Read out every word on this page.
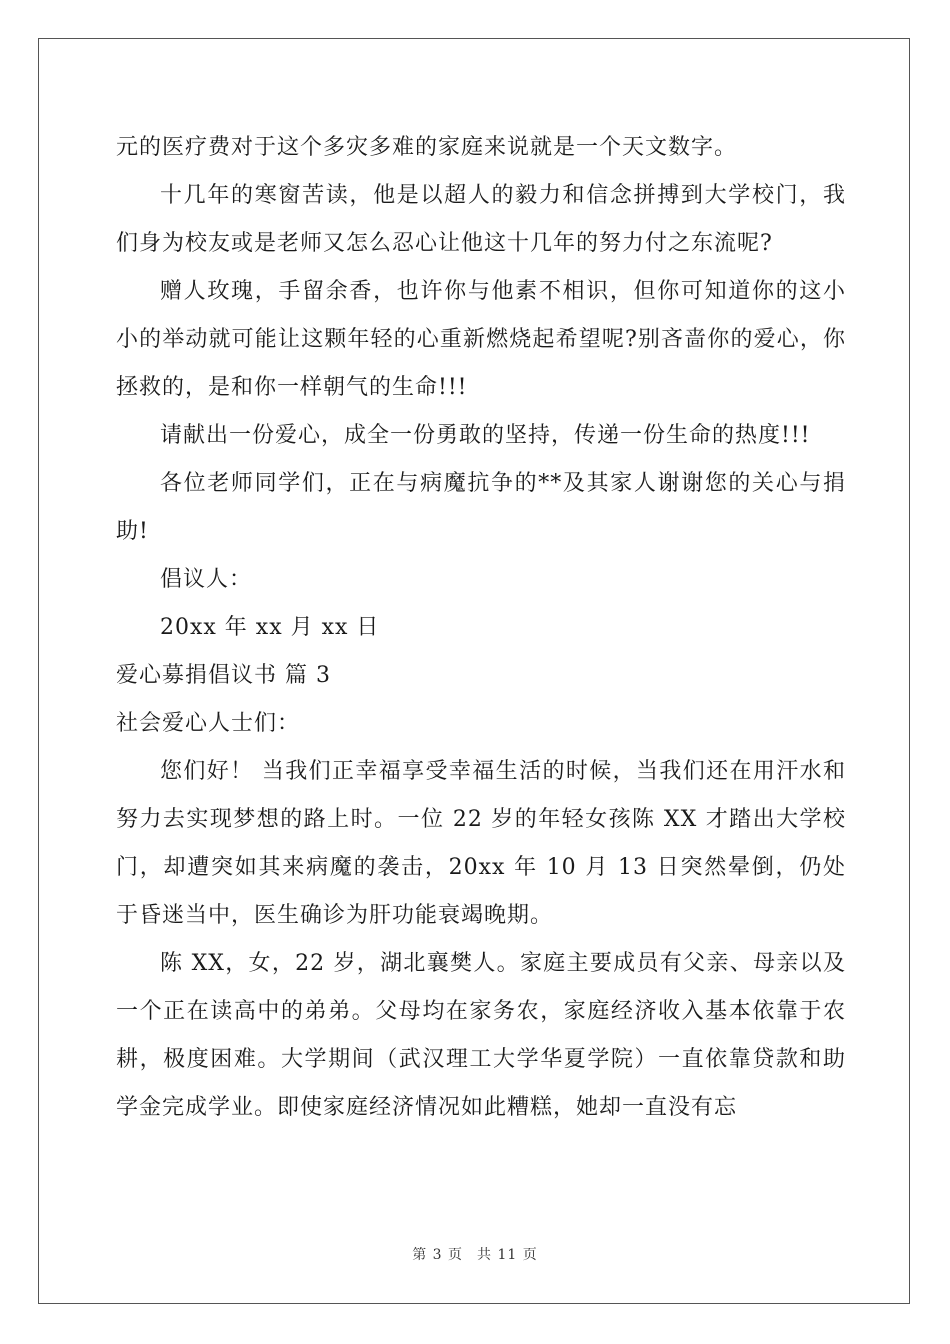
元的医疗费对于这个多灾多难的家庭来说就是一个天文数字。

十几年的寒窗苦读，他是以超人的毅力和信念拼搏到大学校门，我们身为校友或是老师又怎么忍心让他这十几年的努力付之东流呢?

赠人玫瑰，手留余香，也许你与他素不相识，但你可知道你的这小小的举动就可能让这颗年轻的心重新燃烧起希望呢?别吝啬你的爱心，你拯救的，是和你一样朝气的生命!!!

请献出一份爱心，成全一份勇敢的坚持，传递一份生命的热度!!!

各位老师同学们，正在与病魔抗争的**及其家人谢谢您的关心与捐助!

倡议人：

20xx 年 xx 月 xx 日

爱心募捐倡议书 篇 3

社会爱心人士们：

您们好！ 当我们正幸福享受幸福生活的时候，当我们还在用汗水和努力去实现梦想的路上时。一位 22 岁的年轻女孩陈 XX 才踏出大学校门，却遭突如其来病魔的袭击，20xx 年 10 月 13 日突然晕倒，仍处于昏迷当中，医生确诊为肝功能衰竭晚期。

陈 XX，女，22 岁，湖北襄樊人。家庭主要成员有父亲、母亲以及一个正在读高中的弟弟。父母均在家务农，家庭经济收入基本依靠于农耕，极度困难。大学期间（武汉理工大学华夏学院）一直依靠贷款和助学金完成学业。即使家庭经济情况如此糟糕，她却一直没有忘

第 3 页 共 11 页
